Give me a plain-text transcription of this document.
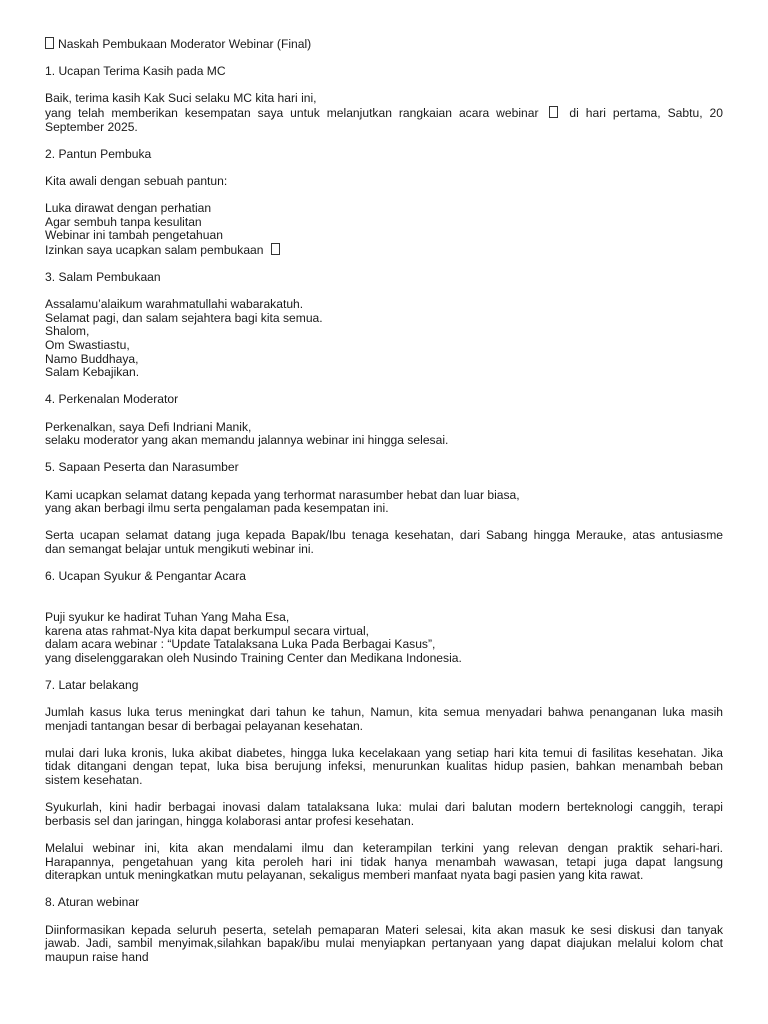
Naskah Pembukaan Moderator Webinar (Final)
1. Ucapan Terima Kasih pada MC
Baik, terima kasih Kak Suci selaku MC kita hari ini,
yang telah memberikan kesempatan saya untuk melanjutkan rangkaian acara webinar	di hari pertama, Sabtu, 20
September 2025.
2. Pantun Pembuka
Kita awali dengan sebuah pantun:
Luka dirawat dengan perhatian
Agar sembuh tanpa kesulitan
Webinar ini tambah pengetahuan
Izinkan saya ucapkan salam pembukaan
3. Salam Pembukaan
Assalamu’alaikum warahmatullahi wabarakatuh.
Selamat pagi, dan salam sejahtera bagi kita semua.
Shalom,
Om Swastiastu,
Namo Buddhaya,
Salam Kebajikan.
4. Perkenalan Moderator
Perkenalkan, saya Defi Indriani Manik,
selaku moderator yang akan memandu jalannya webinar ini hingga selesai.
5. Sapaan Peserta dan Narasumber
Kami ucapkan selamat datang kepada yang terhormat narasumber hebat dan luar biasa,
yang akan berbagi ilmu serta pengalaman pada kesempatan ini.
Serta ucapan selamat datang juga kepada Bapak/Ibu tenaga kesehatan, dari Sabang hingga Merauke, atas antusiasme
dan semangat belajar untuk mengikuti webinar ini.
6. Ucapan Syukur & Pengantar Acara
Puji syukur ke hadirat Tuhan Yang Maha Esa,
karena atas rahmat-Nya kita dapat berkumpul secara virtual,
dalam acara webinar : “Update Tatalaksana Luka Pada Berbagai Kasus”,
yang diselenggarakan oleh Nusindo Training Center dan Medikana Indonesia.
7. Latar belakang
Jumlah kasus luka terus meningkat dari tahun ke tahun, Namun, kita semua menyadari bahwa penanganan luka masih
menjadi tantangan besar di berbagai pelayanan kesehatan.
mulai dari luka kronis, luka akibat diabetes, hingga luka kecelakaan yang setiap hari kita temui di fasilitas kesehatan. Jika
tidak ditangani dengan tepat, luka bisa berujung infeksi, menurunkan kualitas hidup pasien, bahkan menambah beban
sistem kesehatan.
Syukurlah, kini hadir berbagai inovasi dalam tatalaksana luka: mulai dari balutan modern berteknologi canggih, terapi
berbasis sel dan jaringan, hingga kolaborasi antar profesi kesehatan.
Melalui webinar ini, kita akan mendalami ilmu dan keterampilan terkini yang relevan dengan praktik sehari-hari.
Harapannya, pengetahuan yang kita peroleh hari ini tidak hanya menambah wawasan, tetapi juga dapat langsung
diterapkan untuk meningkatkan mutu pelayanan, sekaligus memberi manfaat nyata bagi pasien yang kita rawat.
8. Aturan webinar
Diinformasikan kepada seluruh peserta, setelah pemaparan Materi selesai, kita akan masuk ke sesi diskusi dan tanyak
jawab. Jadi, sambil menyimak,silahkan bapak/ibu mulai menyiapkan pertanyaan yang dapat diajukan melalui kolom chat
maupun raise hand
